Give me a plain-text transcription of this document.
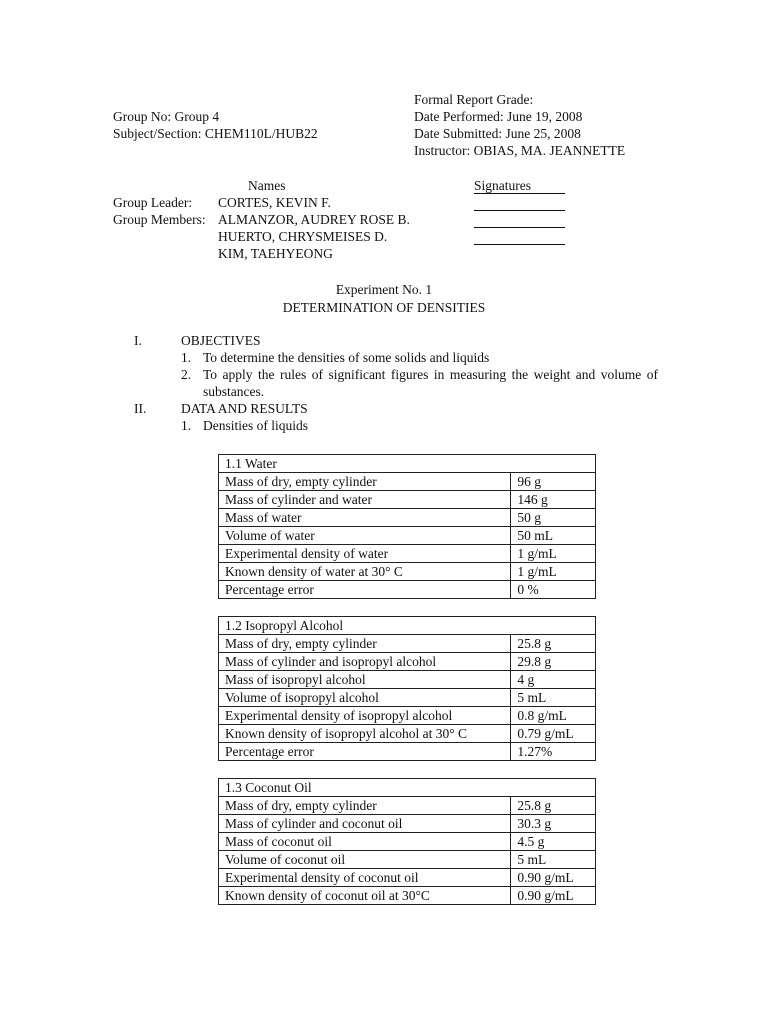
Group No: Group 4
Subject/Section: CHEM110L/HUB22
Formal Report Grade:
Date Performed: June 19, 2008
Date Submitted: June 25, 2008
Instructor: OBIAS, MA. JEANNETTE
Names
Group Leader:	CORTES, KEVIN F.
Group Members: ALMANZOR, AUDREY ROSE B.
HUERTO, CHRYSMEISES D.
KIM, TAEHYEONG
Signatures
Experiment No. 1
DETERMINATION OF DENSITIES
I.	OBJECTIVES
1. To determine the densities of some solids and liquids
2. To apply the rules of significant figures in measuring the weight and volume of substances.
II.	DATA AND RESULTS
1. Densities of liquids
1.1 Water	
Mass of dry, empty cylinder	96 g
Mass of cylinder and water	146 g
Mass of water	50 g
Volume of water	50 mL
Experimental density of water	1 g/mL
Known density of water at 30° C	1 g/mL
Percentage error	0 %
1.2 Isopropyl Alcohol	
Mass of dry, empty cylinder	25.8 g
Mass of cylinder and isopropyl alcohol	29.8 g
Mass of isopropyl alcohol	4 g
Volume of isopropyl alcohol	5 mL
Experimental density of isopropyl alcohol	0.8 g/mL
Known density of isopropyl alcohol at 30° C	0.79 g/mL
Percentage error	1.27%
1.3 Coconut Oil	
Mass of dry, empty cylinder	25.8 g
Mass of cylinder and coconut oil	30.3 g
Mass of coconut oil	4.5 g
Volume of coconut oil	5 mL
Experimental density of coconut oil	0.90 g/mL
Known density of coconut oil at 30°C	0.90 g/mL
